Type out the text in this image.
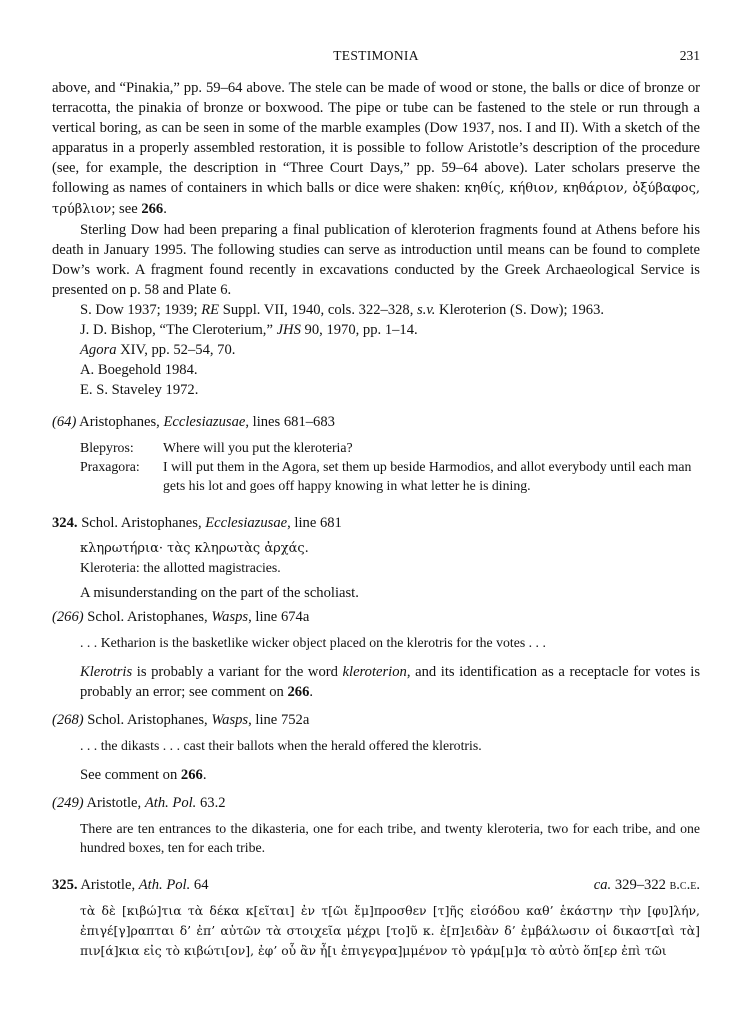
TESTIMONIA	231

above, and “Pinakia,” pp. 59–64 above. The stele can be made of wood or stone, the balls or dice of bronze or terracotta, the pinakia of bronze or boxwood. The pipe or tube can be fastened to the stele or run through a vertical boring, as can be seen in some of the marble examples (Dow 1937, nos. I and II). With a sketch of the apparatus in a properly assembled restoration, it is possible to follow Aristotle’s description of the procedure (see, for example, the description in “Three Court Days,” pp. 59–64 above). Later scholars preserve the following as names of containers in which balls or dice were shaken: κηθίς, κήθιον, κηθάριον, ὀξύβαφος, τρύβλιον; see 266.

Sterling Dow had been preparing a final publication of kleroterion fragments found at Athens before his death in January 1995. The following studies can serve as introduction until means can be found to complete Dow’s work. A fragment found recently in excavations conducted by the Greek Archaeological Service is presented on p. 58 and Plate 6.

S. Dow 1937; 1939; RE Suppl. VII, 1940, cols. 322–328, s.v. Kleroterion (S. Dow); 1963.
J. D. Bishop, “The Cleroterium,” JHS 90, 1970, pp. 1–14.
Agora XIV, pp. 52–54, 70.
A. Boegehold 1984.
E. S. Staveley 1972.
(64) Aristophanes, Ecclesiazusae, lines 681–683
Blepyros:	Where will you put the kleroteria?
Praxagora:	I will put them in the Agora, set them up beside Harmodios, and allot everybody until each man gets his lot and goes off happy knowing in what letter he is dining.
324. Schol. Aristophanes, Ecclesiazusae, line 681
κληρωτήρια· τὰς κληρωτὰς ἀρχάς.
Kleroteria: the allotted magistracies.

A misunderstanding on the part of the scholiast.

(266) Schol. Aristophanes, Wasps, line 674a
. . . Ketharion is the basketlike wicker object placed on the klerotris for the votes . . .

Klerotris is probably a variant for the word kleroterion, and its identification as a receptacle for votes is probably an error; see comment on 266.

(268) Schol. Aristophanes, Wasps, line 752a
. . . the dikasts . . . cast their ballots when the herald offered the klerotris.

See comment on 266.

(249) Aristotle, Ath. Pol. 63.2
There are ten entrances to the dikasteria, one for each tribe, and twenty kleroteria, two for each tribe, and one hundred boxes, ten for each tribe.
325. Aristotle, Ath. Pol. 64	ca. 329–322 b.c.e.
τὰ δὲ [κιβώ]τια τὰ δέκα κ[εῖται] ἐν τ[ῶι ἔμ]προσθεν [τ]ῆς εἰσόδου καθ’ ἑκάστην τὴν [φυ]λήν, ἐπιγέ[γ]ραπται δ’ ἐπ’ αὐτῶν τὰ στοιχεῖα μέχρι [το]ῦ κ. ἐ[π]ειδὰν δ’ ἐμβάλωσιν οἱ δικαστ[αὶ τὰ] πιν[ά]κια εἰς τὸ κιβώτι[ον], ἐφ’ οὗ ἂν ἦ[ι ἐπιγεγρα]μμένον τὸ γράμ[μ]α τὸ αὐτὸ ὅπ[ερ ἐπὶ τῶι
